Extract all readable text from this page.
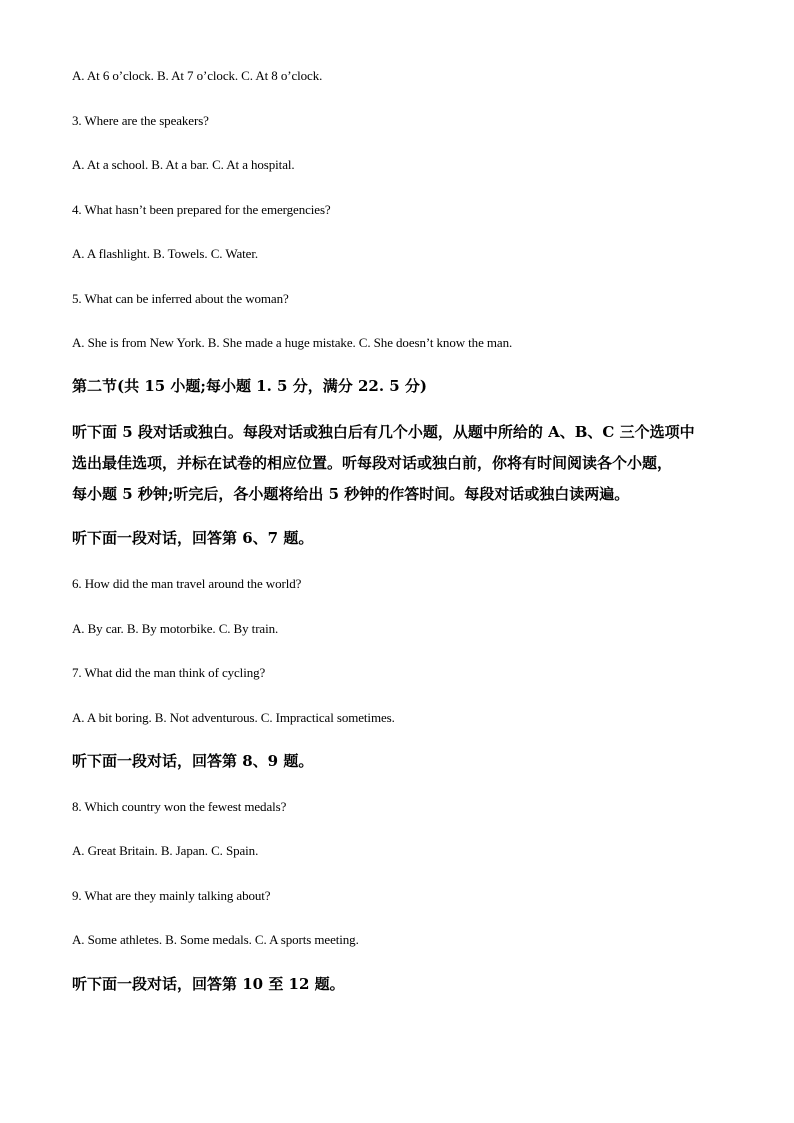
A. At 6 o’clock. B. At 7 o’clock. C. At 8 o’clock.
3. Where are the speakers?
A. At a school. B. At a bar. C. At a hospital.
4. What hasn’t been prepared for the emergencies?
A. A flashlight. B. Towels. C. Water.
5. What can be inferred about the woman?
A. She is from New York. B. She made a huge mistake. C. She doesn’t know the man.
第二节(共 15 小题;每小题 1. 5 分，满分 22. 5 分)
听下面 5 段对话或独白。每段对话或独白后有几个小题，从题中所给的 A、B、C 三个选项中
选出最佳选项，并标在试卷的相应位置。听每段对话或独白前，你将有时间阅读各个小题，
每小题 5 秒钟;听完后，各小题将给出 5 秒钟的作答时间。每段对话或独白读两遍。
听下面一段对话，回答第 6、7 题。
6. How did the man travel around the world?
A. By car. B. By motorbike. C. By train.
7. What did the man think of cycling?
A. A bit boring. B. Not adventurous. C. Impractical sometimes.
听下面一段对话，回答第 8、9 题。
8. Which country won the fewest medals?
A. Great Britain. B. Japan. C. Spain.
9. What are they mainly talking about?
A. Some athletes. B. Some medals. C. A sports meeting.
听下面一段对话，回答第 10 至 12 题。
